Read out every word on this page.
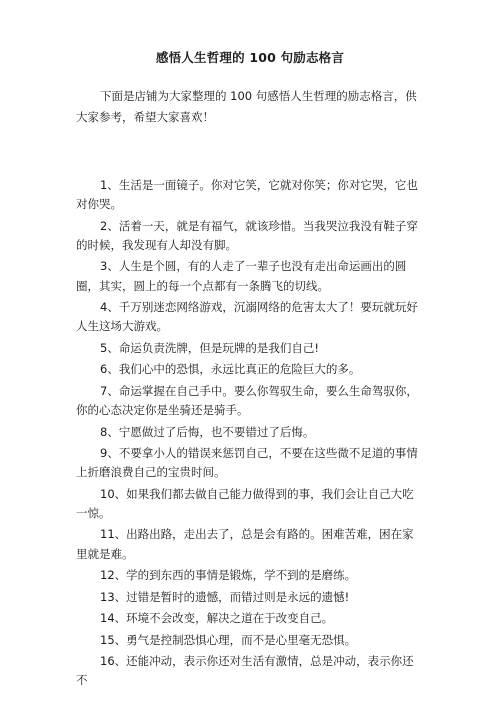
感悟人生哲理的 100 句励志格言

下面是店铺为大家整理的 100 句感悟人生哲理的励志格言，供大家参考，希望大家喜欢！

1、生活是一面镜子。你对它笑，它就对你笑；你对它哭，它也对你哭。
2、活着一天，就是有福气，就该珍惜。当我哭泣我没有鞋子穿的时候，我发现有人却没有脚。
3、人生是个圆，有的人走了一辈子也没有走出命运画出的圆圈，其实，圆上的每一个点都有一条腾飞的切线。
4、千万别迷恋网络游戏，沉溺网络的危害太大了！要玩就玩好人生这场大游戏。
5、命运负责洗牌，但是玩牌的是我们自己!
6、我们心中的恐惧，永远比真正的危险巨大的多。
7、命运掌握在自己手中。要么你驾驭生命，要么生命驾驭你，你的心态决定你是坐骑还是骑手。
8、宁愿做过了后悔，也不要错过了后悔。
9、不要拿小人的错误来惩罚自己，不要在这些微不足道的事情上折磨浪费自己的宝贵时间。
10、如果我们都去做自己能力做得到的事，我们会让自己大吃一惊。
11、出路出路，走出去了，总是会有路的。困难苦难，困在家里就是难。
12、学的到东西的事情是锻炼，学不到的是磨练。
13、过错是暂时的遗憾，而错过则是永远的遗憾!
14、环境不会改变，解决之道在于改变自己。
15、勇气是控制恐惧心理，而不是心里毫无恐惧。
16、还能冲动，表示你还对生活有激情，总是冲动，表示你还不
